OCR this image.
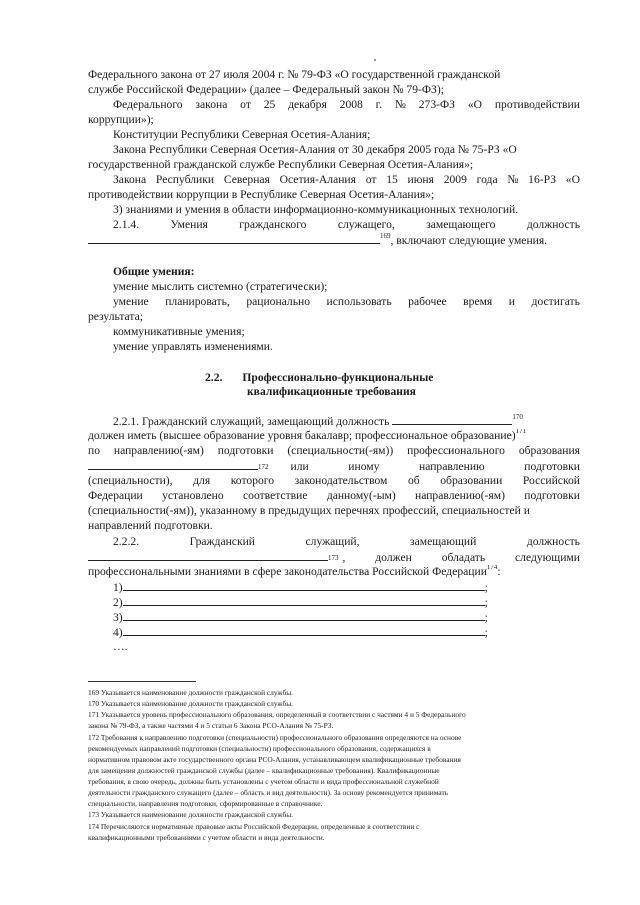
Федерального закона от 27 июля 2004 г. № 79-ФЗ «О государственной гражданской
службе Российской Федерации» (далее – Федеральный закон № 79-ФЗ);
Федерального закона от 25 декабря 2008 г. № 273-ФЗ «О противодействии
коррупции»);
Конституции Республики Северная Осетия-Алания;
Закона Республики Северная Осетия-Алания от 30 декабря 2005 года № 75-РЗ «О
государственной гражданской службе Республики Северная Осетия-Алания»;
Закона Республики Северная Осетия-Алания от 15 июня 2009 года № 16-РЗ «О
противодействии коррупции в Республике Северная Осетия-Алания»;
3) знаниями и умения в области информационно-коммуникационных технологий.
2.1.4.	Умения	гражданского	служащего,	замещающего	должность
$^{169}$, включают следующие умения.
Общие умения:
умение мыслить системно (стратегически);
умение планировать, рационально использовать рабочее время и достигать
результата;
коммуникативные умения;
умение управлять изменениями.
2.2. Профессионально-функциональные
квалификационные требования
2.2.1. Гражданский служащий, замещающий должность	$^{170}$
должен иметь (высшее образование уровня бакалавр; профессиональное образование)$^{171}$
по направлению(-ям) подготовки (специальности(-ям)) профессионального образования
$^{172}$ или	иному	направлению	подготовки
(специальности), для которого законодательством об образовании Российской
Федерации установлено соответствие данному(-ым) направлению(-ям) подготовки
(специальности(-ям)), указанному в предыдущих перечнях профессий, специальностей и
направлений подготовки.
2.2.2.	Гражданский	служащий,	замещающий	должность
$^{173}$ ,	должен	обладать	следующими
профессиональными знаниями в сфере законодательства Российской Федерации$^{174}$:
1)	;
2)	;
3)	;
4)	;
….
169 Указывается наименование должности гражданской службы.
170 Указывается наименование должности гражданской службы.
171 Указывается уровень профессионального образования, определенный в соответствии с частями 4 и 5 Федерального
закона № 79-ФЗ, а также частями 4 и 5 статьи 6 Закона РСО-Алания № 75-РЗ.
172 Требования к направлению подготовки (специальности) профессионального образования определяются на основе
рекомендуемых направлений подготовки (специальности) профессионального образования, содержащихся в
нормативном правовом акте государственного органа РСО-Алания, устанавливающем квалификационные требования
для замещения должностей гражданской службы (далее – квалификационные требования). Квалификационные
требования, в свою очередь, должны быть установлены с учетом области и вида профессиональной служебной
деятельности гражданского служащего (далее – область и вид деятельности). За основу рекомендуется принимать
специальности, направления подготовки, сформированные в справочнике.
173 Указывается наименование должности гражданской службы.
174 Перечисляются нормативные правовые акты Российской Федерации, определенные в соответствии с
квалификационными требованиями с учетом области и вида деятельности.
